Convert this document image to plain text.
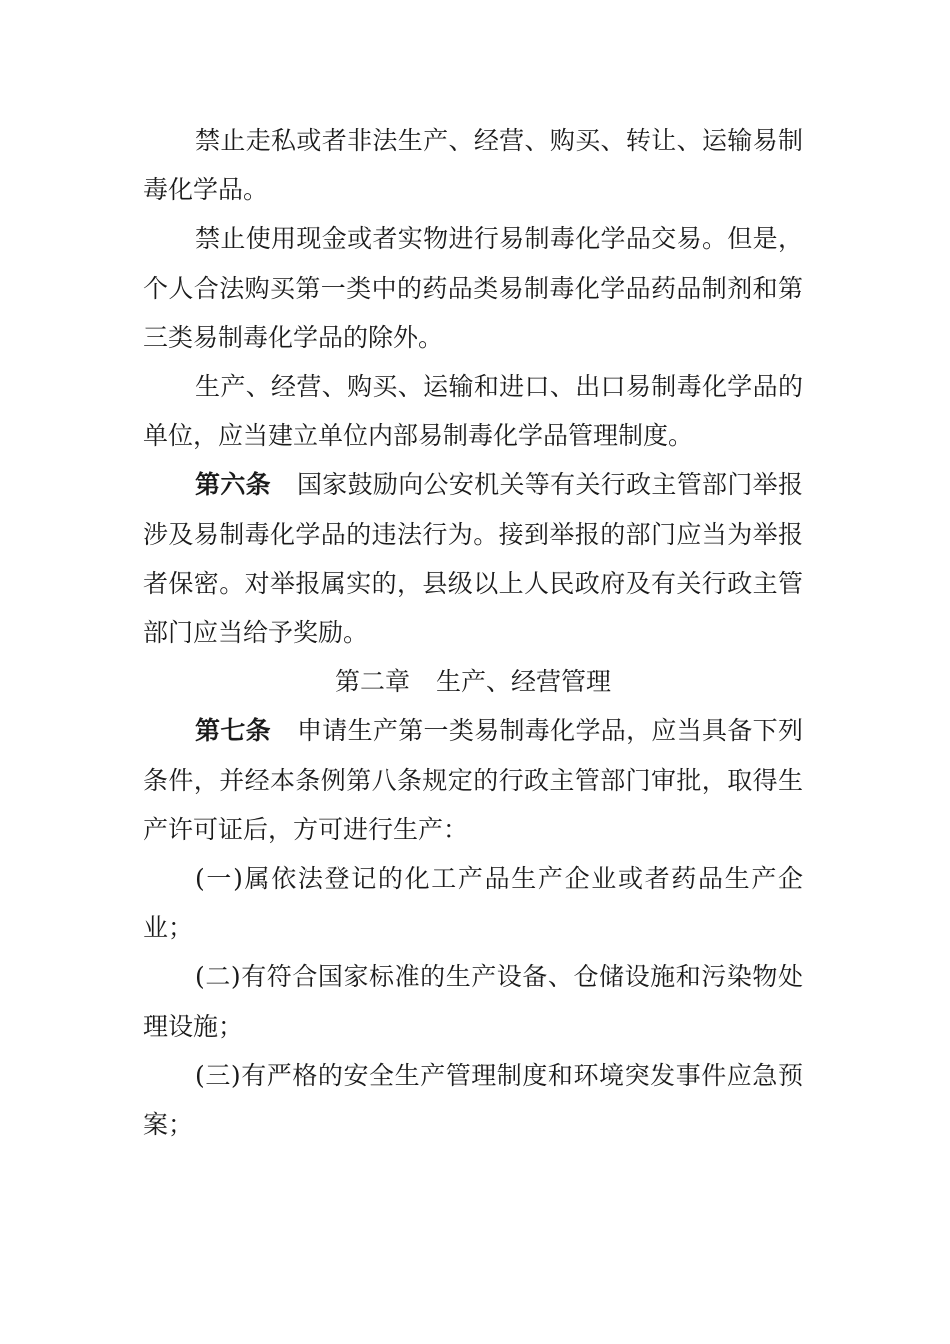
禁止走私或者非法生产、经营、购买、转让、运输易制毒化学品。

禁止使用现金或者实物进行易制毒化学品交易。但是，个人合法购买第一类中的药品类易制毒化学品药品制剂和第三类易制毒化学品的除外。

生产、经营、购买、运输和进口、出口易制毒化学品的单位，应当建立单位内部易制毒化学品管理制度。

第六条 国家鼓励向公安机关等有关行政主管部门举报涉及易制毒化学品的违法行为。接到举报的部门应当为举报者保密。对举报属实的，县级以上人民政府及有关行政主管部门应当给予奖励。

第二章 生产、经营管理

第七条 申请生产第一类易制毒化学品，应当具备下列条件，并经本条例第八条规定的行政主管部门审批，取得生产许可证后，方可进行生产：

(一)属依法登记的化工产品生产企业或者药品生产企业；

(二)有符合国家标准的生产设备、仓储设施和污染物处理设施；

(三)有严格的安全生产管理制度和环境突发事件应急预案；
